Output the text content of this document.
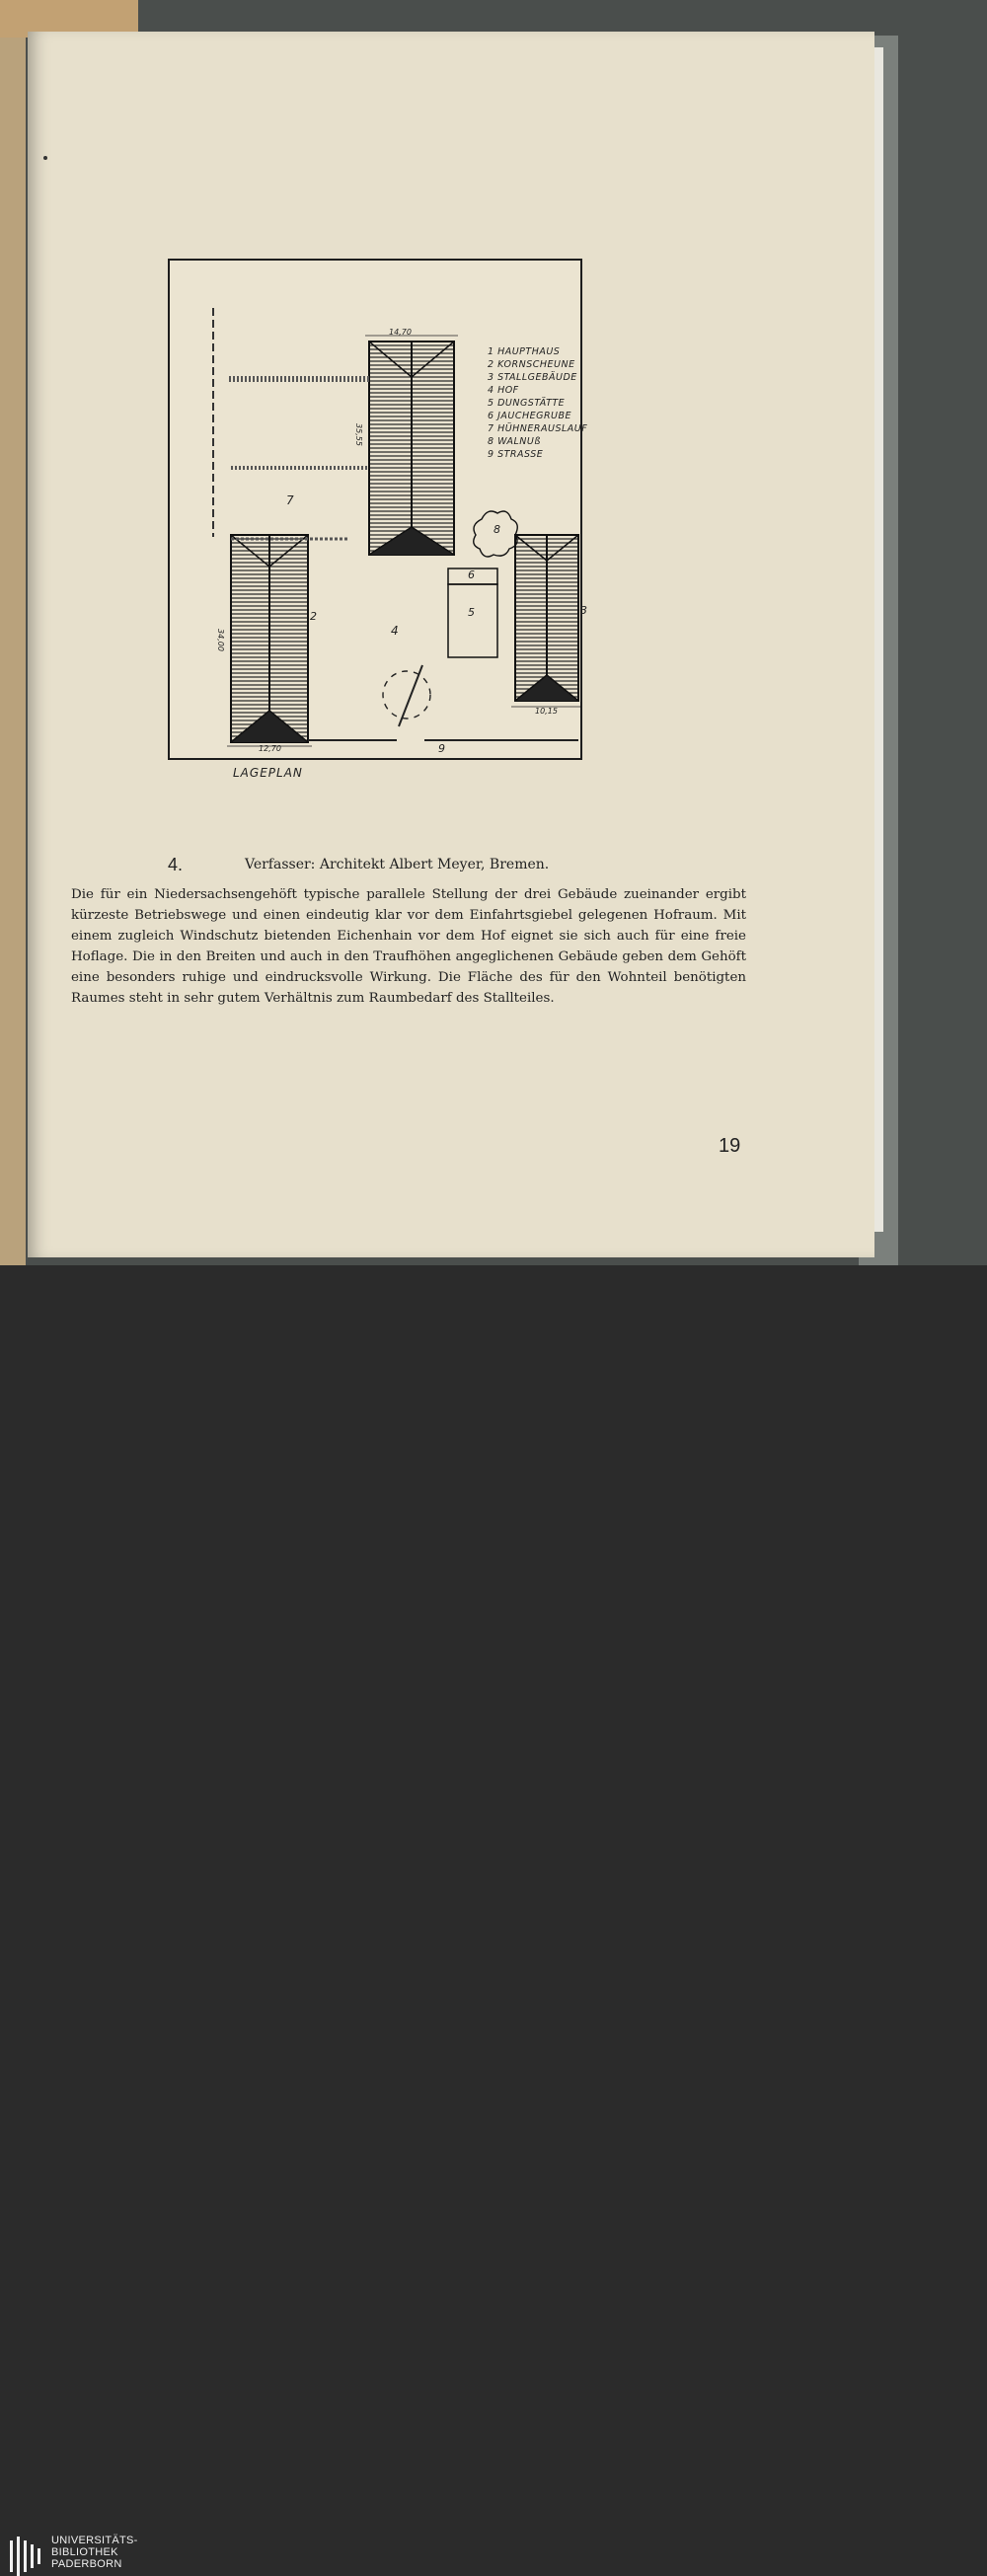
14,70
35,55
12,70
34,00
10,15
2	3
4
5
6
7
8
9
1 HAUPTHAUS
2 KORNSCHEUNE
3 STALLGEBÄUDE
4 HOF
5 DUNGSTÄTTE
6 JAUCHEGRUBE
7 HÜHNERAUSLAUF
8 WALNUß
9 STRASSE
LAGEPLAN
4.	Verfasser: Architekt Albert Meyer, Bremen.
Die für ein Niedersachsengehöft typische parallele Stellung der drei Gebäude zueinander ergibt kürzeste Betriebswege und einen eindeutig klar vor dem Einfahrtsgiebel gelegenen Hofraum. Mit einem zugleich Windschutz bietenden Eichenhain vor dem Hof eignet sie sich auch für eine freie Hoflage. Die in den Breiten und auch in den Traufhöhen angeglichenen Gebäude geben dem Gehöft eine besonders ruhige und eindrucksvolle Wirkung. Die Fläche des für den Wohnteil benötigten Raumes steht in sehr gutem Verhältnis zum Raumbedarf des Stallteiles.
19
UNIVERSITÄTS-
BIBLIOTHEK
PADERBORN
